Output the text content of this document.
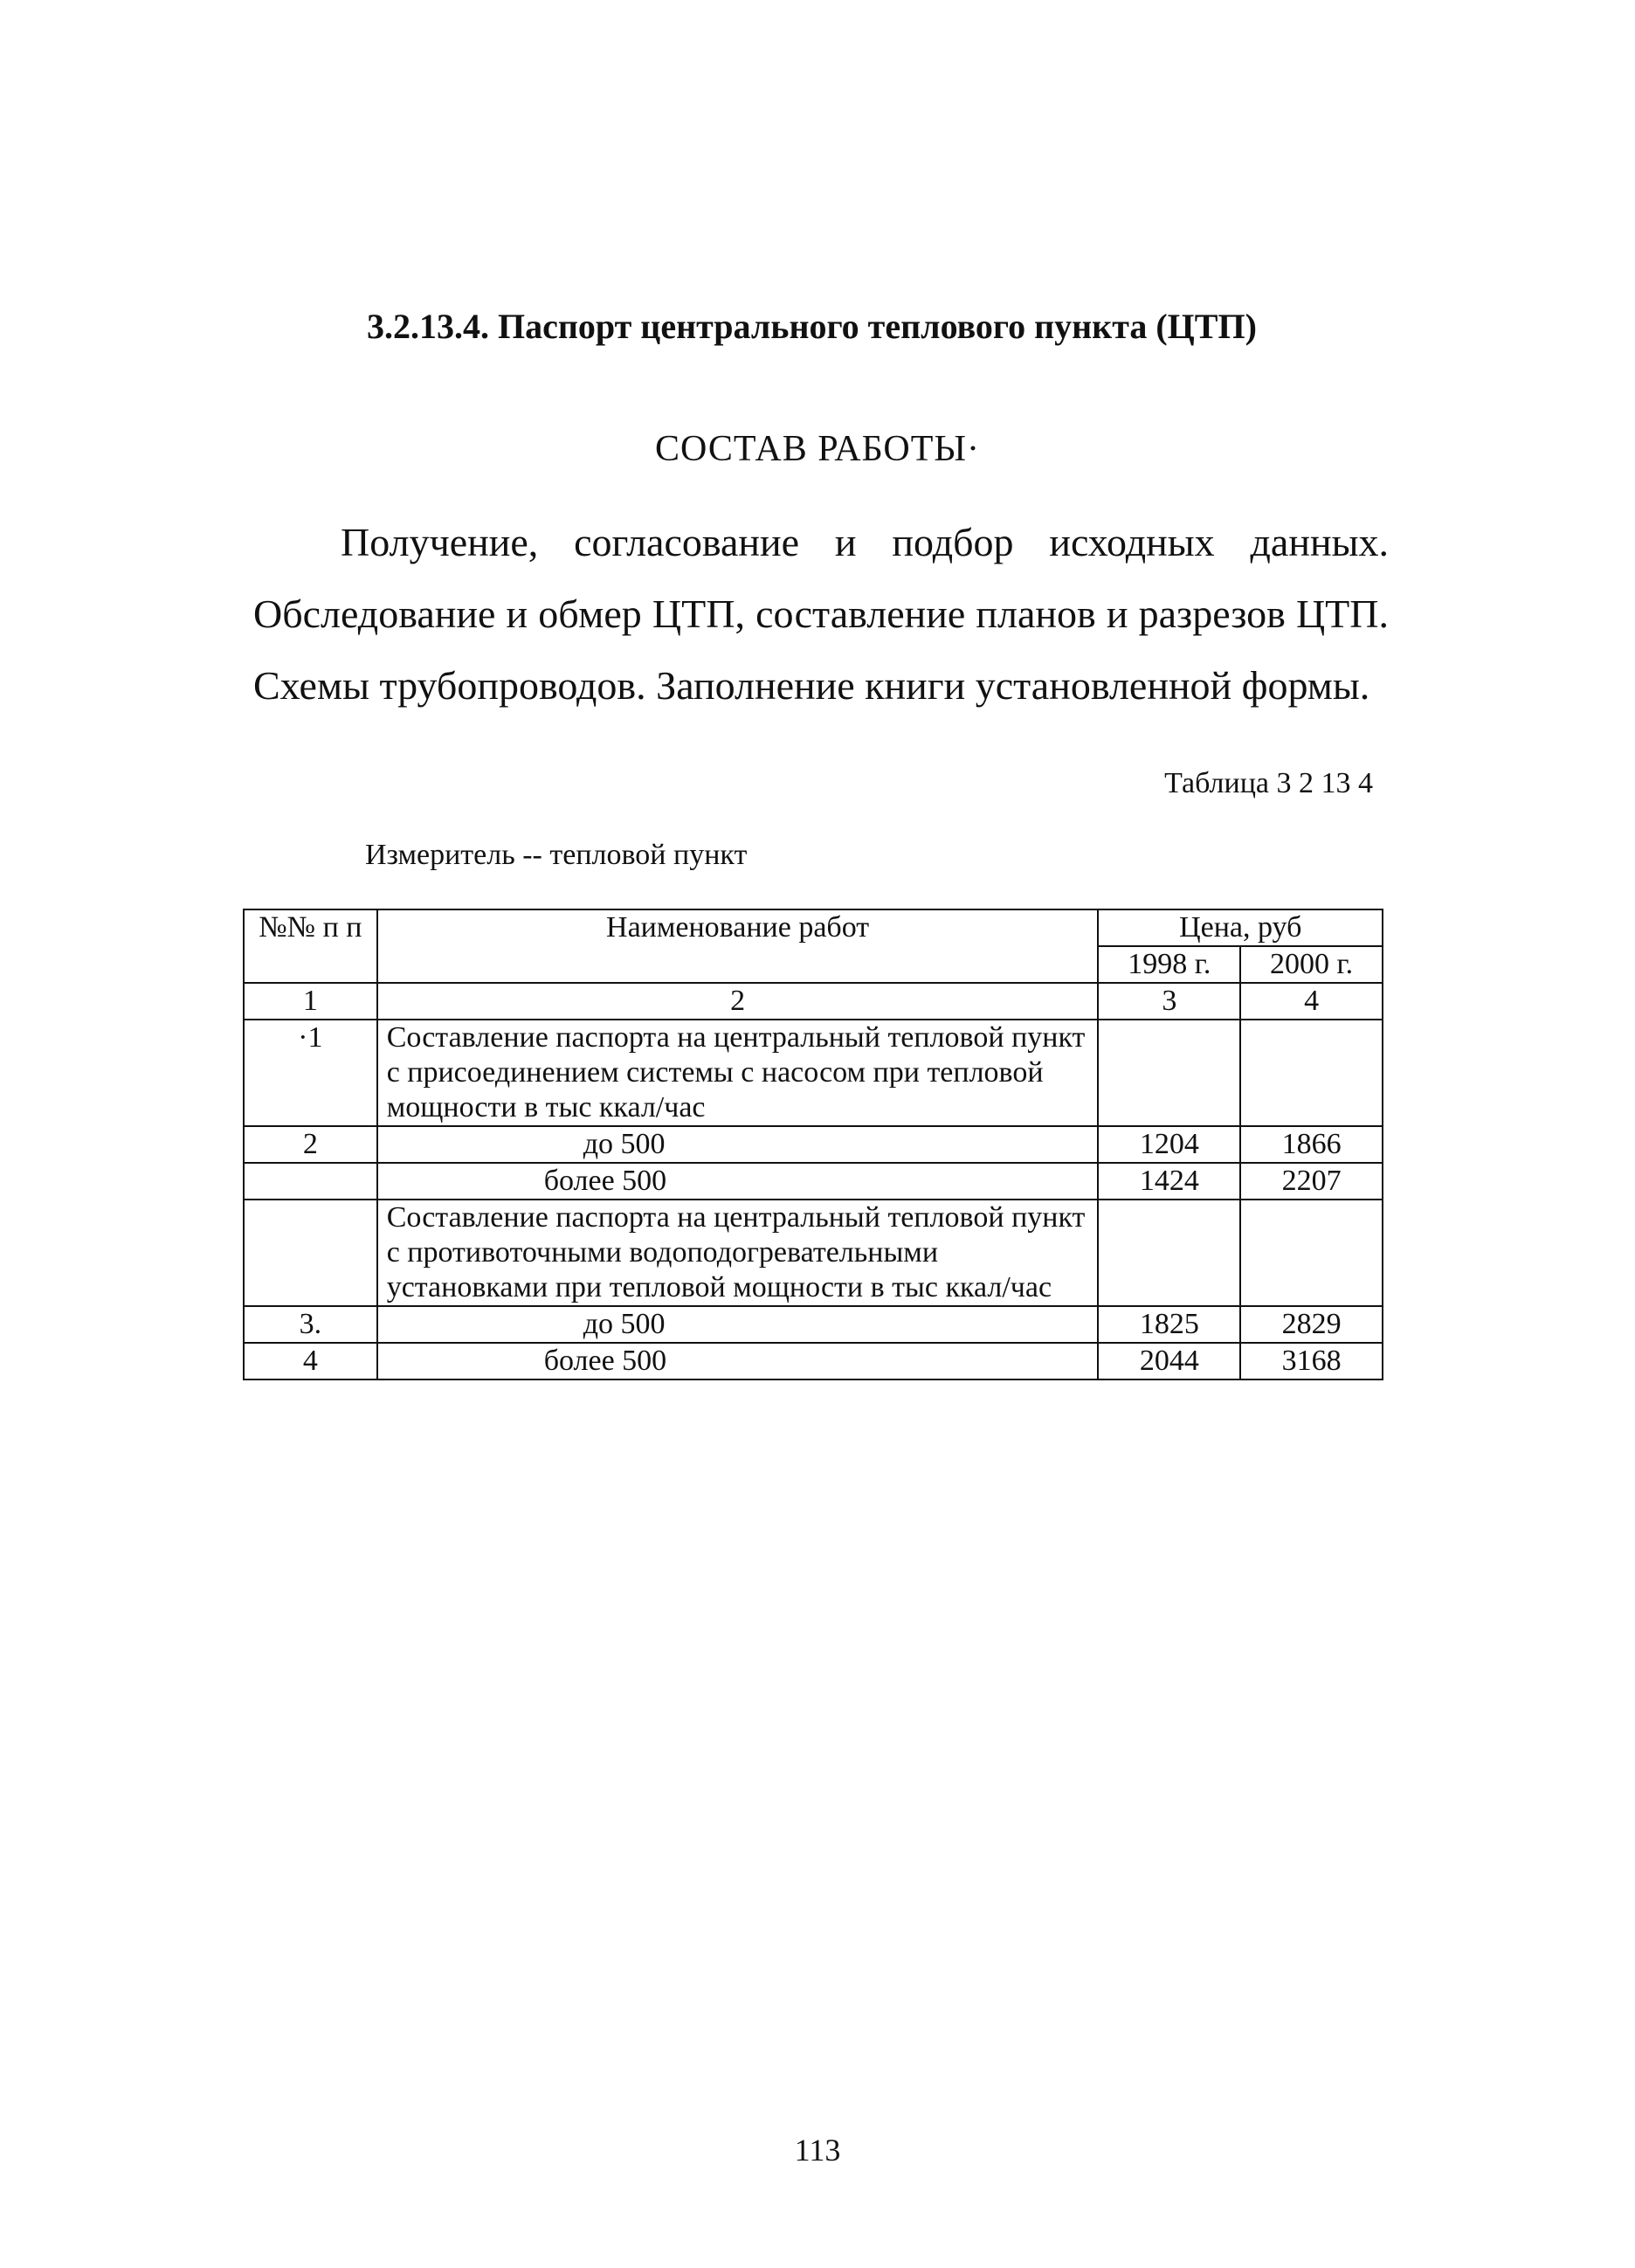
3.2.13.4. Паспорт центрального теплового пункта (ЦТП)
СОСТАВ РАБОТЫ·
Получение, согласование и подбор исходных данных. Обследование и обмер ЦТП, составление планов и разрезов ЦТП. Схемы трубопроводов. Заполнение книги установленной формы.
Таблица 3 2 13 4
Измеритель -- тепловой пункт
№№ п п	Наименование работ	Цена, руб	
		1998 г.	2000 г.
1	2	3	4
·1	Составление паспорта на центральный тепловой пункт с присоединением системы с насосом при тепловой мощности в тыс ккал/час		
2	до 500	1204	1866
	более 500	1424	2207
	Составление паспорта на центральный тепловой пункт с противоточными водоподогревательными установками при тепловой мощности в тыс ккал/час		
3.	до 500	1825	2829
4	более 500	2044	3168
113
